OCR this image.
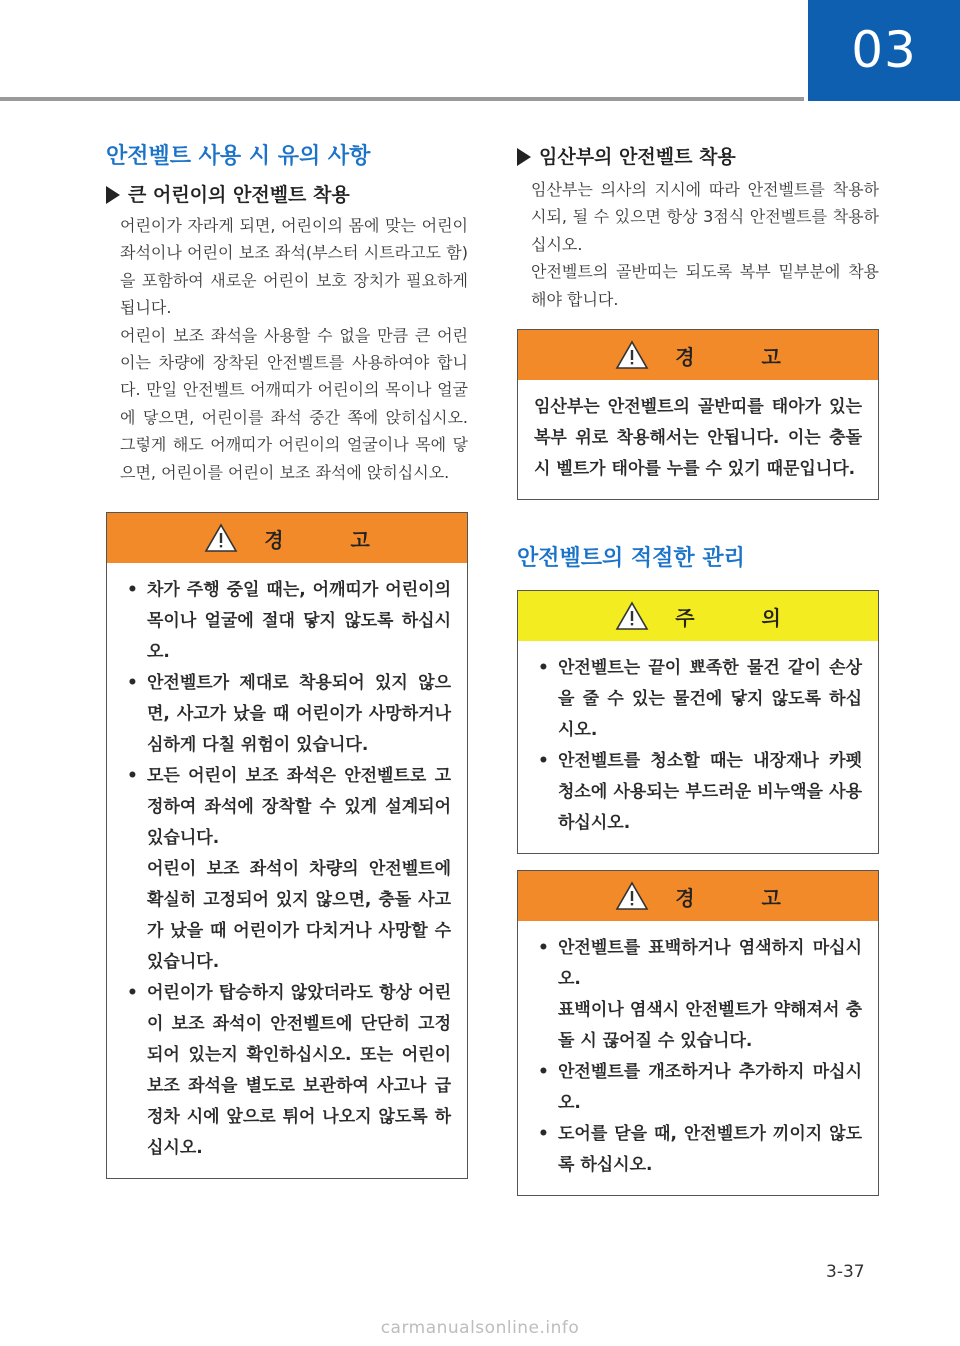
03
안전벨트 사용 시 유의 사항
큰 어린이의 안전벨트 착용

어린이가 자라게 되면, 어린이의 몸에 맞는 어린이 좌석이나 어린이 보조 좌석(부스터 시트라고도 함)을 포함하여 새로운 어린이 보호 장치가 필요하게 됩니다.

어린이 보조 좌석을 사용할 수 없을 만큼 큰 어린이는 차량에 장착된 안전벨트를 사용하여야 합니다. 만일 안전벨트 어깨띠가 어린이의 목이나 얼굴에 닿으면, 어린이를 좌석 중간 쪽에 앉히십시오. 그렇게 해도 어깨띠가 어린이의 얼굴이나 목에 닿으면, 어린이를 어린이 보조 좌석에 앉히십시오.

경 고
• 차가 주행 중일 때는, 어깨띠가 어린이의 목이나 얼굴에 절대 닿지 않도록 하십시오.
• 안전벨트가 제대로 착용되어 있지 않으면, 사고가 났을 때 어린이가 사망하거나 심하게 다칠 위험이 있습니다.
• 모든 어린이 보조 좌석은 안전벨트로 고정하여 좌석에 장착할 수 있게 설계되어 있습니다.
어린이 보조 좌석이 차량의 안전벨트에 확실히 고정되어 있지 않으면, 충돌 사고가 났을 때 어린이가 다치거나 사망할 수 있습니다.
• 어린이가 탑승하지 않았더라도 항상 어린이 보조 좌석이 안전벨트에 단단히 고정되어 있는지 확인하십시오. 또는 어린이 보조 좌석을 별도로 보관하여 사고나 급정차 시에 앞으로 튀어 나오지 않도록 하십시오.
임산부의 안전벨트 착용

임산부는 의사의 지시에 따라 안전벨트를 착용하시되, 될 수 있으면 항상 3점식 안전벨트를 착용하십시오.

안전벨트의 골반띠는 되도록 복부 밑부분에 착용해야 합니다.

경 고
임산부는 안전벨트의 골반띠를 태아가 있는 복부 위로 착용해서는 안됩니다. 이는 충돌 시 벨트가 태아를 누를 수 있기 때문입니다.
안전벨트의 적절한 관리
주 의
• 안전벨트는 끝이 뾰족한 물건 같이 손상을 줄 수 있는 물건에 닿지 않도록 하십시오.
• 안전벨트를 청소할 때는 내장재나 카펫 청소에 사용되는 부드러운 비누액을 사용하십시오.
경 고
• 안전벨트를 표백하거나 염색하지 마십시오.
표백이나 염색시 안전벨트가 약해져서 충돌 시 끊어질 수 있습니다.
• 안전벨트를 개조하거나 추가하지 마십시오.
• 도어를 닫을 때, 안전벨트가 끼이지 않도록 하십시오.
3-37
carmanualsonline.info
